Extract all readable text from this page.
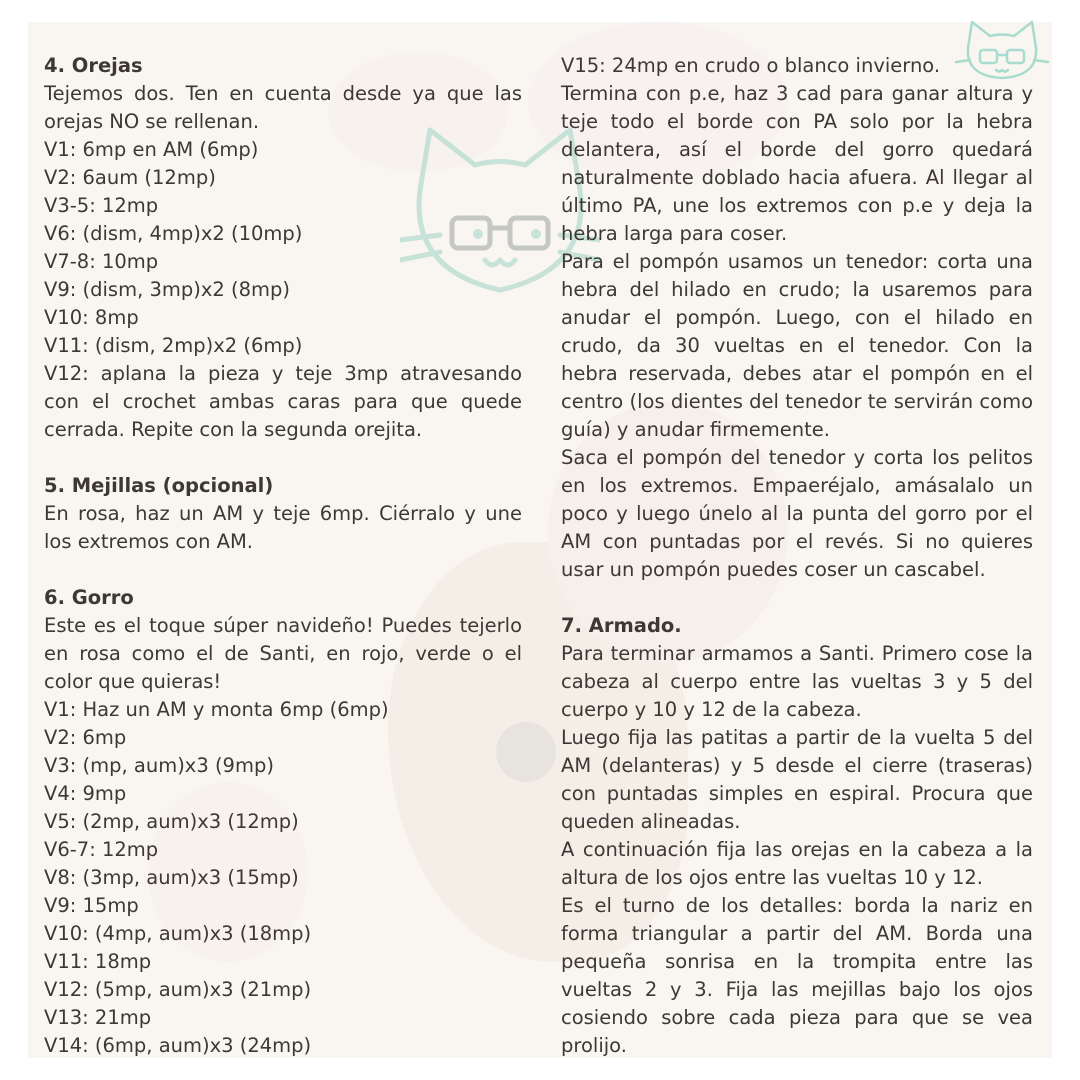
4. Orejas
Tejemos dos. Ten en cuenta desde ya que las orejas NO se rellenan.
V1: 6mp en AM (6mp)
V2: 6aum (12mp)
V3-5: 12mp
V6: (dism, 4mp)x2 (10mp)
V7-8: 10mp
V9: (dism, 3mp)x2 (8mp)
V10: 8mp
V11: (dism, 2mp)x2 (6mp)
V12: aplana la pieza y teje 3mp atravesando con el crochet ambas caras para que quede cerrada. Repite con la segunda orejita.
5. Mejillas (opcional)
En rosa, haz un AM y teje 6mp. Ciérralo y une los extremos con AM.
6. Gorro
Este es el toque súper navideño! Puedes tejerlo en rosa como el de Santi, en rojo, verde o el color que quieras!
V1: Haz un AM y monta 6mp (6mp)
V2: 6mp
V3: (mp, aum)x3 (9mp)
V4: 9mp
V5: (2mp, aum)x3 (12mp)
V6-7: 12mp
V8: (3mp, aum)x3 (15mp)
V9: 15mp
V10: (4mp, aum)x3 (18mp)
V11: 18mp
V12: (5mp, aum)x3 (21mp)
V13: 21mp
V14: (6mp, aum)x3 (24mp)
V15: 24mp en crudo o blanco invierno.
Termina con p.e, haz 3 cad para ganar altura y teje todo el borde con PA solo por la hebra delantera, así el borde del gorro quedará naturalmente doblado hacia afuera. Al llegar al último PA, une los extremos con p.e y deja la hebra larga para coser.
Para el pompón usamos un tenedor: corta una hebra del hilado en crudo; la usaremos para anudar el pompón. Luego, con el hilado en crudo, da 30 vueltas en el tenedor. Con la hebra reservada, debes atar el pompón en el centro (los dientes del tenedor te servirán como guía) y anudar firmemente.
Saca el pompón del tenedor y corta los pelitos en los extremos. Empaeréjalo, amásalalo un poco y luego únelo al la punta del gorro por el AM con puntadas por el revés. Si no quieres usar un pompón puedes coser un cascabel.
7. Armado.
Para terminar armamos a Santi. Primero cose la cabeza al cuerpo entre las vueltas 3 y 5 del cuerpo y 10 y 12 de la cabeza.
Luego fija las patitas a partir de la vuelta 5 del AM (delanteras) y 5 desde el cierre (traseras) con puntadas simples en espiral. Procura que queden alineadas.
A continuación fija las orejas en la cabeza a la altura de los ojos entre las vueltas 10 y 12.
Es el turno de los detalles: borda la nariz en forma triangular a partir del AM. Borda una pequeña sonrisa en la trompita entre las vueltas 2 y 3. Fija las mejillas bajo los ojos cosiendo sobre cada pieza para que se vea prolijo.
